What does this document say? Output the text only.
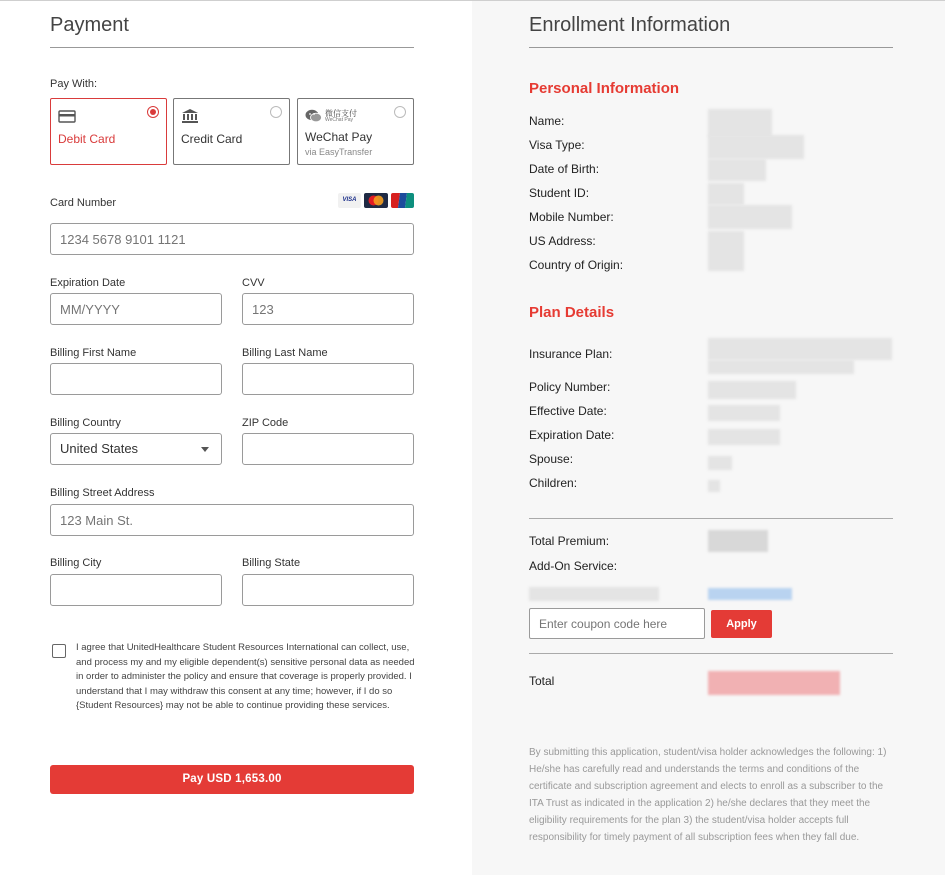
Payment
Pay With:
Debit Card	Credit Card
微信支付
WeChat Pay
WeChat Pay
via EasyTransfer
Card Number	VISA
1234 5678 9101 1121
Expiration Date	CVV
MM/YYYY
123
Billing First Name	Billing Last Name
Billing Country	ZIP Code
United States
Billing Street Address
123 Main St.
Billing City	Billing State
I agree that UnitedHealthcare Student Resources International can collect, use, and process my and my eligible dependent(s) sensitive personal data as needed in order to administer the policy and ensure that coverage is properly provided. I understand that I may withdraw this consent at any time; however, if I do so {Student Resources} may not be able to continue providing these services.
Pay USD 1,653.00
Enrollment Information
Personal Information
Name:
Visa Type:
Date of Birth:
Student ID:
Mobile Number:
US Address:
Country of Origin:
Plan Details
Insurance Plan:
Policy Number:
Effective Date:
Expiration Date:
Spouse:
Children:
Total Premium:
Add-On Service:
Enter coupon code here
Apply
Total
By submitting this application, student/visa holder acknowledges the following: 1) He/she has carefully read and understands the terms and conditions of the certificate and subscription agreement and elects to enroll as a subscriber to the ITA Trust as indicated in the application 2) he/she declares that they meet the eligibility requirements for the plan 3) the student/visa holder accepts full responsibility for timely payment of all subscription fees when they fall due.
